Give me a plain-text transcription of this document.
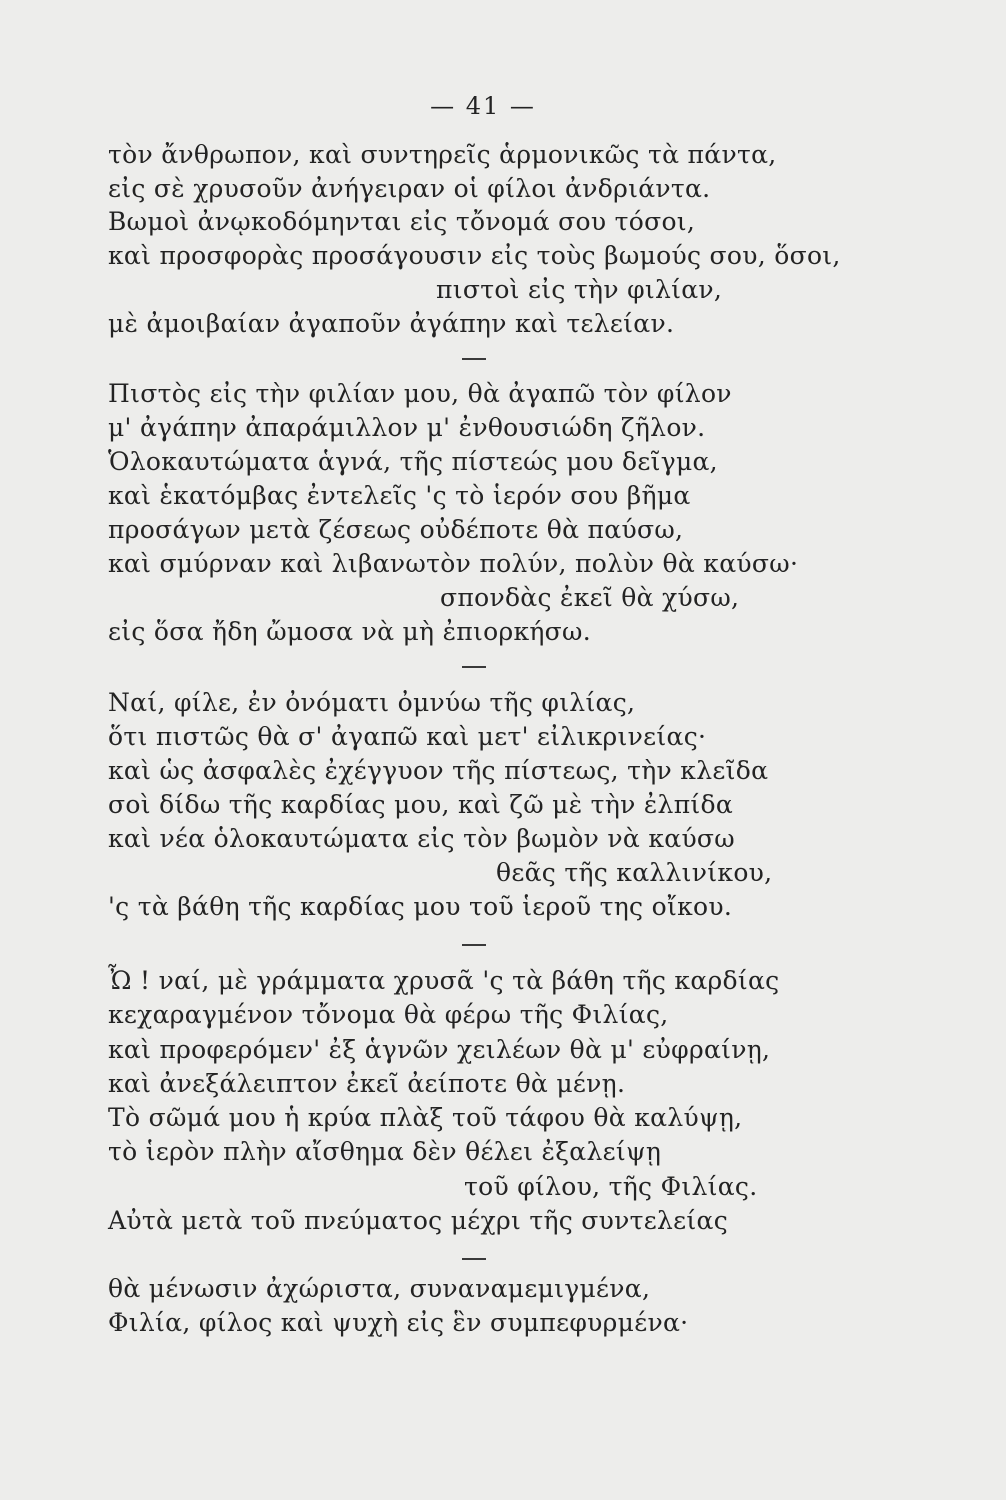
— 41 —
τὸν ἄνθρωπον, καὶ συντηρεῖς ἁρμονικῶς τὰ πάντα,
εἰς σὲ χρυσοῦν ἀνήγειραν οἱ φίλοι ἀνδριάντα.
Βωμοὶ ἀνῳκοδόμηνται εἰς τὄνομά σου τόσοι,
καὶ προσφορὰς προσάγουσιν εἰς τοὺς βωμούς σου, ὅσοι,
πιστοὶ εἰς τὴν φιλίαν,
μὲ ἀμοιβαίαν ἀγαποῦν ἀγάπην καὶ τελείαν.
Πιστὸς εἰς τὴν φιλίαν μου, θὰ ἀγαπῶ τὸν φίλον
μ' ἀγάπην ἀπαράμιλλον μ' ἐνθουσιώδη ζῆλον.
Ὁλοκαυτώματα ἁγνά, τῆς πίστεώς μου δεῖγμα,
καὶ ἑκατόμβας ἐντελεῖς 'ς τὸ ἱερόν σου βῆμα
προσάγων μετὰ ζέσεως οὐδέποτε θὰ παύσω,
καὶ σμύρναν καὶ λιβανωτὸν πολύν, πολὺν θὰ καύσω·
σπονδὰς ἐκεῖ θὰ χύσω,
εἰς ὅσα ἤδη ὤμοσα νὰ μὴ ἐπιορκήσω.
Ναί, φίλε, ἐν ὀνόματι ὀμνύω τῆς φιλίας,
ὅτι πιστῶς θὰ σ' ἀγαπῶ καὶ μετ' εἰλικρινείας·
καὶ ὡς ἀσφαλὲς ἐχέγγυον τῆς πίστεως, τὴν κλεῖδα
σοὶ δίδω τῆς καρδίας μου, καὶ ζῶ μὲ τὴν ἐλπίδα
καὶ νέα ὁλοκαυτώματα εἰς τὸν βωμὸν νὰ καύσω
θεᾶς τῆς καλλινίκου,
'ς τὰ βάθη τῆς καρδίας μου τοῦ ἱεροῦ της οἴκου.
Ὦ ! ναί, μὲ γράμματα χρυσᾶ 'ς τὰ βάθη τῆς καρδίας
κεχαραγμένον τὄνομα θὰ φέρω τῆς Φιλίας,
καὶ προφερόμεν' ἐξ ἁγνῶν χειλέων θὰ μ' εὐφραίνῃ,
καὶ ἀνεξάλειπτον ἐκεῖ ἀείποτε θὰ μένῃ.
Τὸ σῶμά μου ἡ κρύα πλὰξ τοῦ τάφου θὰ καλύψῃ,
τὸ ἱερὸν πλὴν αἴσθημα δὲν θέλει ἐξαλείψῃ
τοῦ φίλου, τῆς Φιλίας.
Αὐτὰ μετὰ τοῦ πνεύματος μέχρι τῆς συντελείας
θὰ μένωσιν ἀχώριστα, συναναμεμιγμένα,
Φιλία, φίλος καὶ ψυχὴ εἰς ἓν συμπεφυρμένα·
